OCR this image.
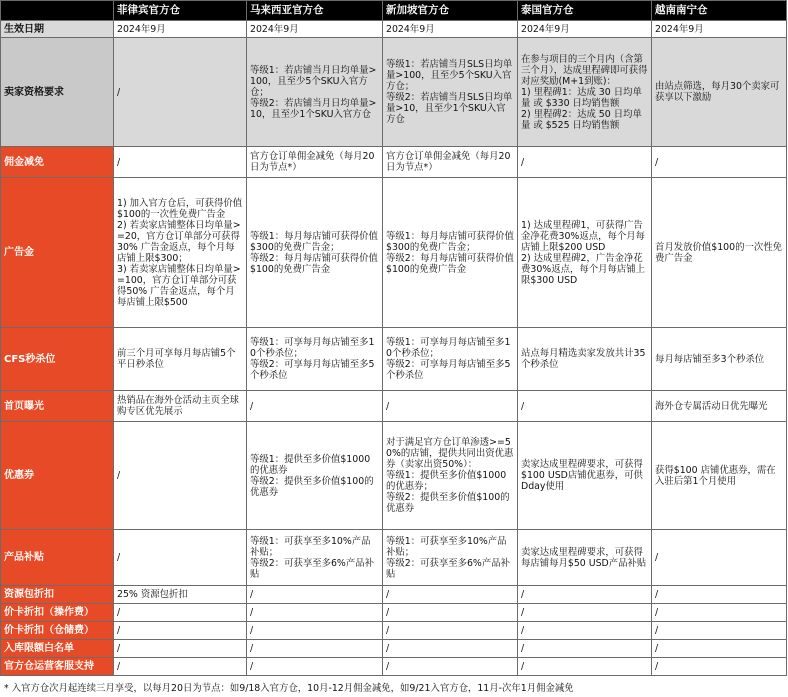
	菲律宾官方仓	马来西亚官方仓	新加坡官方仓	泰国官方仓	越南南宁仓
生效日期	2024年9月	2024年9月	2024年9月	2024年9月	2024年9月
卖家资格要求	/	等级1：若店铺当月日均单量>100，且至少5个SKU入官方仓；
等级2：若店铺当月日均单量>10，且至少1个SKU入官方仓	等级1：若店铺当月SLS日均单量>100，且至少5个SKU入官方仓；
等级2：若店铺当月SLS日均单量>10，且至少1个SKU入官方仓	在参与项目的三个月内（含第三个月），达成里程碑即可获得对应奖励(M+1到账)：
1) 里程碑1：达成 30 日均单量 或 $330 日均销售额
2) 里程碑2：达成 50 日均单量 或 $525 日均销售额	由站点筛选，每月30个卖家可获享以下激励
佣金减免	/	官方仓订单佣金减免（每月20日为节点*）	官方仓订单佣金减免（每月20日为节点*）	/	/
广告金	1) 加入官方仓后，可获得价值$100的一次性免费广告金
2) 若卖家店铺整体日均单量>=20，官方仓订单部分可获得30% 广告金返点，每个月每店铺上限$300；
3) 若卖家店铺整体日均单量>=100，官方仓订单部分可获得50% 广告金返点，每个月每店铺上限$500	等级1：每月每店铺可获得价值$300的免费广告金；
等级2：每月每店铺可获得价值$100的免费广告金	等级1：每月每店铺可获得价值$300的免费广告金；
等级2：每月每店铺可获得价值$100的免费广告金	1) 达成里程碑1，可获得广告金净花费30%返点，每个月每店铺上限$200 USD
2) 达成里程碑2，广告金净花费30%返点，每个月每店铺上限$300 USD	首月发放价值$100的一次性免费广告金
CFS秒杀位	前三个月可享每月每店铺5个平日秒杀位	等级1：可享每月每店铺至多10个秒杀位；
等级2：可享每月每店铺至多5个秒杀位	等级1：可享每月每店铺至多10个秒杀位；
等级2：可享每月每店铺至多5个秒杀位	站点每月精选卖家发放共计35个秒杀位	每月每店铺至多3个秒杀位
首页曝光	热销品在海外仓活动主页全球购专区优先展示	/	/	/	海外仓专属活动日优先曝光
优惠券	/	等级1：提供至多价值$1000的优惠券
等级2：提供至多价值$100的优惠券	对于满足官方仓订单渗透>=50%的店铺，提供共同出资优惠券（卖家出资50%）：
等级1：提供至多价值$1000的优惠券；
等级2：提供至多价值$100的优惠券	卖家达成里程碑要求，可获得$100 USD店铺优惠券，可供Dday使用	获得$100 店铺优惠券，需在入驻后第1个月使用
产品补贴	/	等级1：可获享至多10%产品补贴；
等级2：可获享至多6%产品补贴	等级1：可获享至多10%产品补贴；
等级2：可获享至多6%产品补贴	卖家达成里程碑要求，可获得每店铺每月$50 USD产品补贴	/
资源包折扣	25% 资源包折扣	/	/	/	/
价卡折扣（操作费）	/	/	/	/	/
价卡折扣（仓储费）	/	/	/	/	/
入库限额白名单	/	/	/	/	/
官方仓运营客服支持	/	/	/	/	/
* 入官方仓次月起连续三月享受，以每月20日为节点：如9/18入官方仓，10月-12月佣金减免，如9/21入官方仓，11月-次年1月佣金减免
